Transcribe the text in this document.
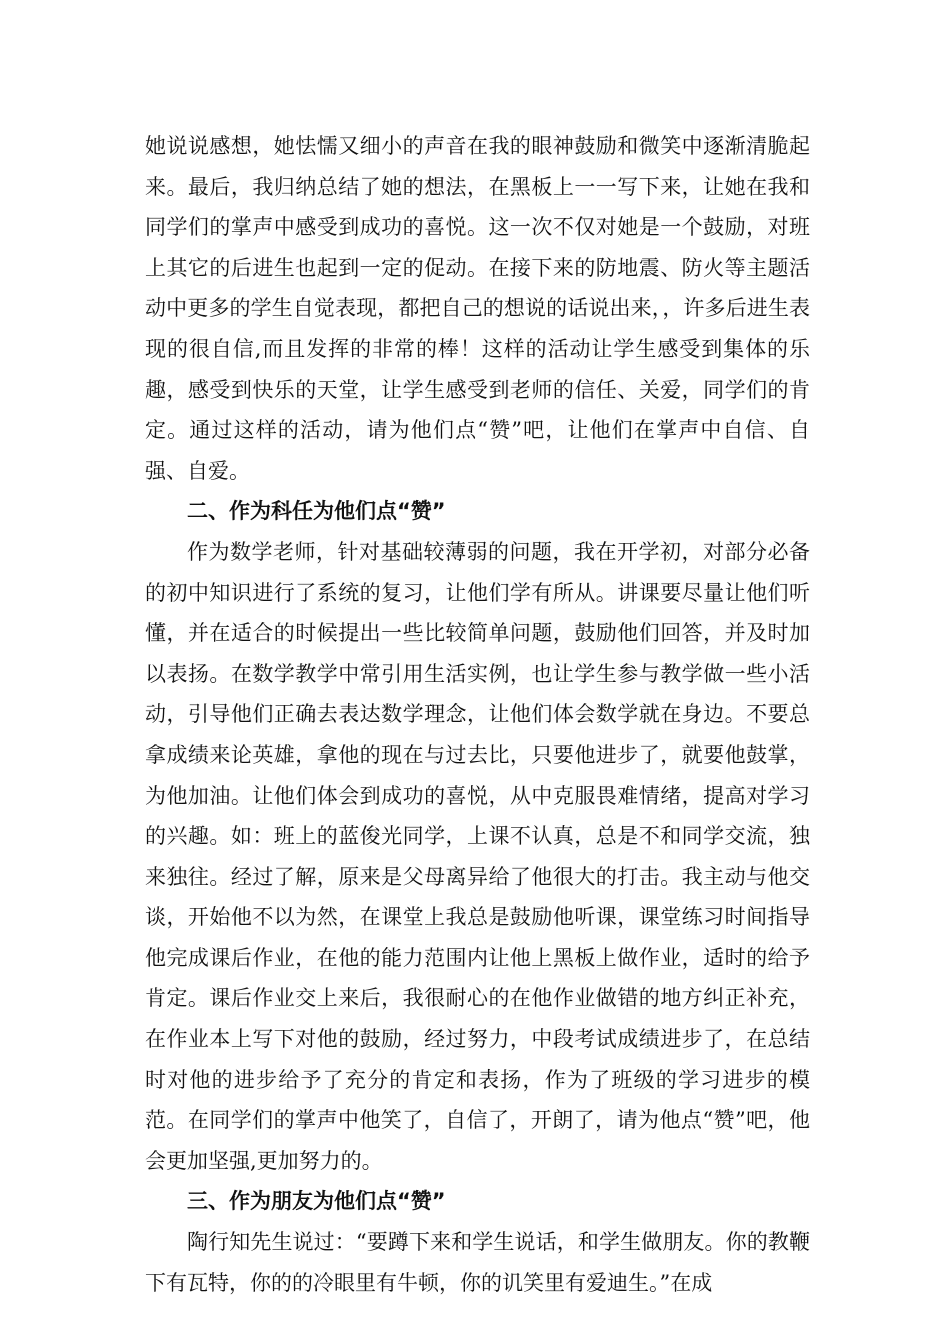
她说说感想，她怯懦又细小的声音在我的眼神鼓励和微笑中逐渐清脆起来。最后，我归纳总结了她的想法，在黑板上一一写下来，让她在我和同学们的掌声中感受到成功的喜悦。这一次不仅对她是一个鼓励，对班上其它的后进生也起到一定的促动。在接下来的防地震、防火等主题活动中更多的学生自觉表现，都把自己的想说的话说出来，，许多后进生表现的很自信,而且发挥的非常的棒！这样的活动让学生感受到集体的乐趣，感受到快乐的天堂，让学生感受到老师的信任、关爱，同学们的肯定。通过这样的活动，请为他们点“赞”吧，让他们在掌声中自信、自强、自爱。

二、作为科任为他们点“赞”

作为数学老师，针对基础较薄弱的问题，我在开学初，对部分必备的初中知识进行了系统的复习，让他们学有所从。讲课要尽量让他们听懂，并在适合的时候提出一些比较简单问题，鼓励他们回答，并及时加以表扬。在数学教学中常引用生活实例，也让学生参与教学做一些小活动，引导他们正确去表达数学理念，让他们体会数学就在身边。不要总拿成绩来论英雄，拿他的现在与过去比，只要他进步了，就要他鼓掌，为他加油。让他们体会到成功的喜悦，从中克服畏难情绪，提高对学习的兴趣。如：班上的蓝俊光同学，上课不认真，总是不和同学交流，独来独往。经过了解，原来是父母离异给了他很大的打击。我主动与他交谈，开始他不以为然，在课堂上我总是鼓励他听课，课堂练习时间指导他完成课后作业，在他的能力范围内让他上黑板上做作业，适时的给予肯定。课后作业交上来后，我很耐心的在他作业做错的地方纠正补充，在作业本上写下对他的鼓励，经过努力，中段考试成绩进步了，在总结时对他的进步给予了充分的肯定和表扬，作为了班级的学习进步的模范。在同学们的掌声中他笑了，自信了，开朗了，请为他点“赞”吧，他会更加坚强,更加努力的。

三、作为朋友为他们点“赞”

陶行知先生说过：“要蹲下来和学生说话，和学生做朋友。你的教鞭下有瓦特，你的的冷眼里有牛顿，你的讥笑里有爱迪生。”在成
